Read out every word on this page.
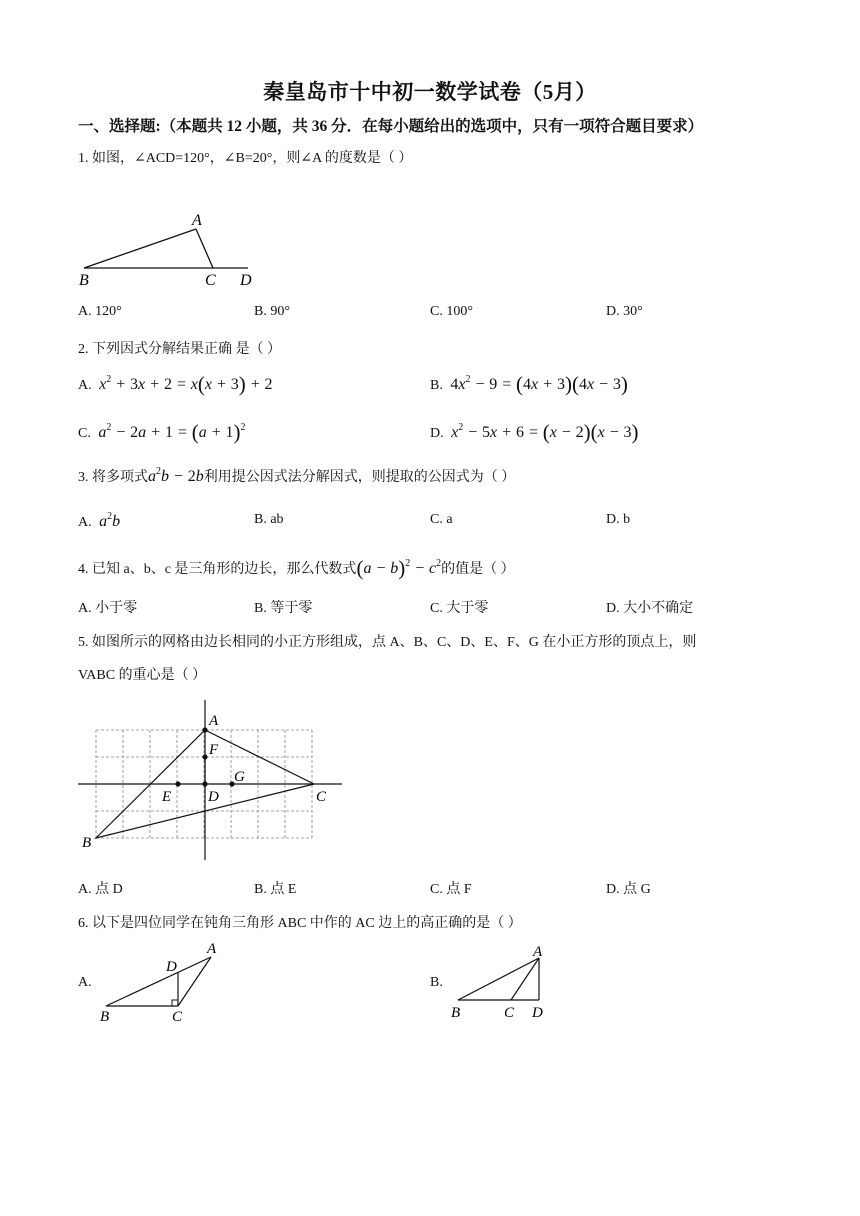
秦皇岛市十中初一数学试卷（5月）
一、选择题:（本题共 12 小题，共 36 分．在每小题给出的选项中，只有一项符合题目要求）
1. 如图，∠ACD=120°，∠B=20°，则∠A 的度数是（ ）
A
B	C D
A. 120°	B. 90°	C. 100°	D. 30°
2. 下列因式分解结果正确 是（ ）
A.  $x^2 + 3x + 2 = x(x + 3) + 2$	B. $4x^2 - 9 = (4x + 3)(4x - 3)$
C.  $a^2 - 2a + 1 = (a + 1)^2$	D.  $x^2 - 5x + 6 = (x - 2)(x - 3)$
3. 将多项式$a^2b - 2b$利用提公因式法分解因式，则提取的公因式为（ ）
A.  $a^2b$	B. ab	C. a	D. b
4. 已知 a、b、c 是三角形的边长，那么代数式$(a - b)^2 - c^2$的值是（ ）
A. 小于零	B. 等于零	C. 大于零	D. 大小不确定
5. 如图所示的网格由边长相同的小正方形组成，点 A、B、C、D、E、F、G 在小正方形的顶点上，则
VABC 的重心是（ ）
A
F
G
E D	C
B
A. 点 D	B. 点 E	C. 点 F	D. 点 G
6. 以下是四位同学在钝角三角形 ABC 中作的 AC 边上的高正确的是（ ）
A.
A
D
B	C
B.
A
B	C D
